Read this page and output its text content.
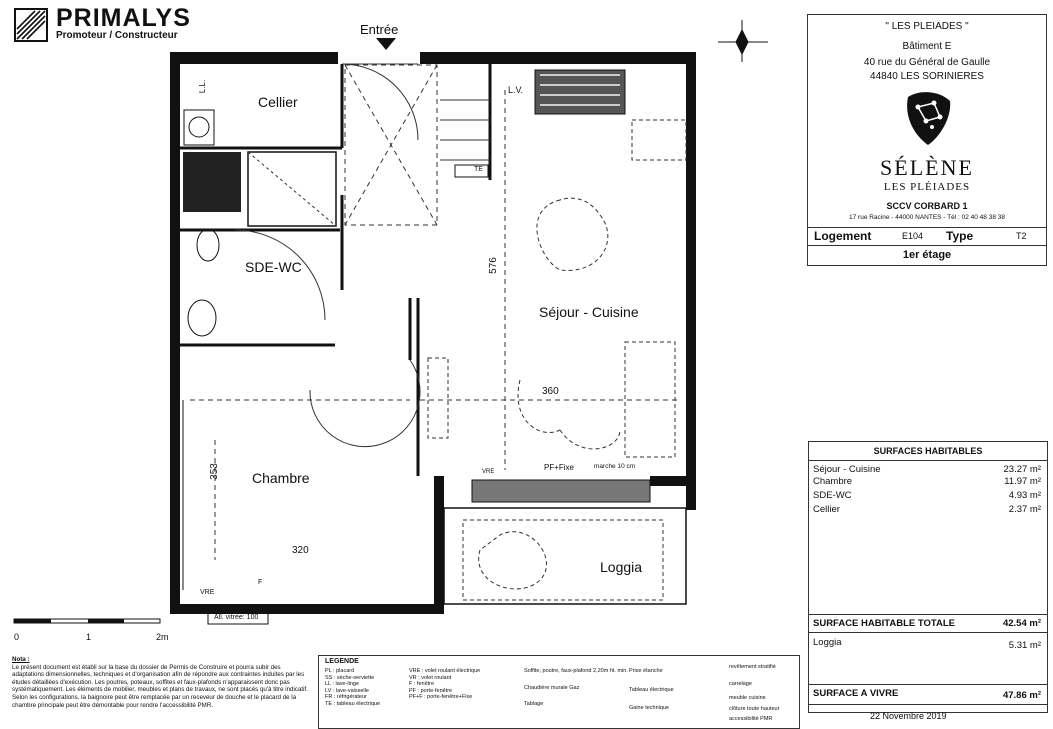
PRIMALYS
Promoteur / Constructeur	Entrée
Cellier
SDE-WC
Séjour - Cuisine
Chambre
Loggia
576
360
353
320
L.L.	L.V.
TE
VRE	PF+Fixe	marche 10 cm
VRE
F
All. vitrée: 100
0	1	2m
" LES PLEIADES "
Bâtiment E
40 rue du Général de Gaulle
44840 LES SORINIERES
SÉLÈNE
LES PLÉIADES
SCCV CORBARD 1
17 rue Racine - 44000 NANTES - Tél : 02 40 48 38 38
Logement	E104 Type	T2
1er étage
SURFACES HABITABLES
Séjour - Cuisine	23.27 m²
Chambre	11.97 m²
SDE-WC	4.93 m²
Cellier	2.37 m²
SURFACE HABITABLE TOTALE	42.54 m²
Loggia	5.31 m²
SURFACE A VIVRE	47.86 m²
22 Novembre 2019
Nota :
Le présent document est établi sur la base du dossier de Permis de Construire et pourra subir des adaptations dimensionnelles, techniques et d'organisation afin de répondre aux contraintes induites par les études détaillées d'exécution. Les poutres, poteaux, soffites et faux-plafonds n'apparaissent donc pas systématiquement. Les éléments de mobilier, meubles et plans de travaux, ne sont placés qu'à titre indicatif. Selon les configurations, la baignoire peut être remplacée par un receveur de douche et le placard de la chambre principale peut être démontable pour rendre l'accessibilité PMR.
LEGENDE
PL : placard
SS : sèche-serviette
LL : lave-linge
LV : lave-vaisselle
FR : réfrigérateur
TE : tableau électrique
VRE : volet roulant électrique
VR : volet roulant
F : fenêtre
PF : porte-fenêtre
PF+F : porte-fenêtre+Fixe
Soffite, poutre, faux-plafond 2,20m ht. min.
Chaudière murale Gaz
Tablage
Prise étanche
Tableau électrique
Gaine technique
revêtement stratifié
carrelage
meuble cuisine
clôture toute hauteur
accessibilité PMR
